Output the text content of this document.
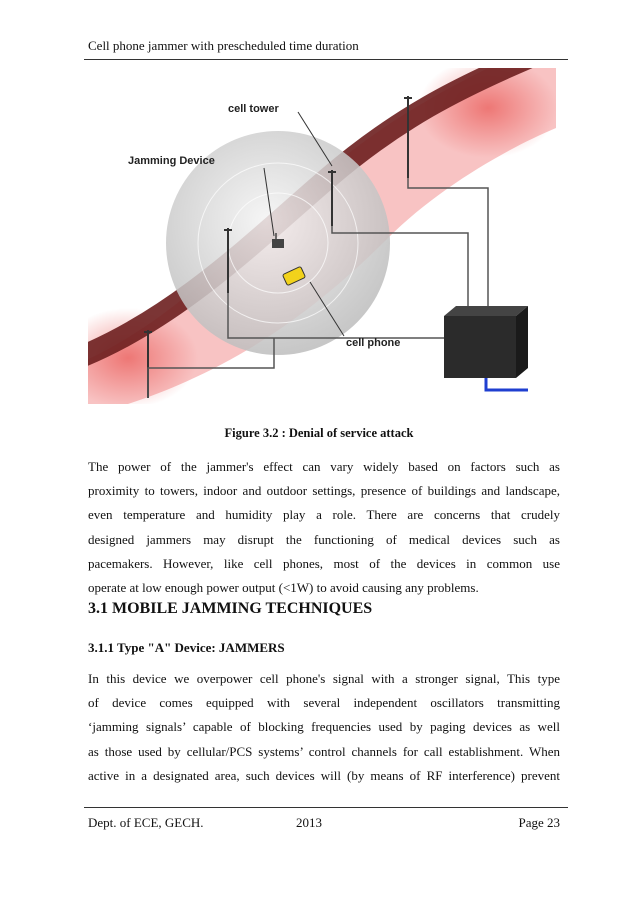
Cell phone jammer with prescheduled time duration
cell tower
Jamming Device
cell phone
Figure 3.2 : Denial of service attack
The power of the jammer's effect can vary widely based on factors such as
proximity to towers, indoor and outdoor settings, presence of buildings and landscape,
even temperature and humidity play a role. There are concerns that crudely
designed jammers may disrupt the functioning of medical devices such as
pacemakers. However, like cell phones, most of the devices in common use
operate at low enough power output (<1W) to avoid causing any problems.
3.1 MOBILE JAMMING TECHNIQUES
3.1.1 Type "A" Device: JAMMERS
In this device we overpower cell phone's signal with a stronger signal, This type
of device comes equipped with several independent oscillators transmitting
‘jamming signals’ capable of blocking frequencies used by paging devices as well
as those used by cellular/PCS systems’ control channels for call establishment. When
active in a designated area, such devices will (by means of RF interference) prevent
Dept. of ECE, GECH.	2013	Page 23
